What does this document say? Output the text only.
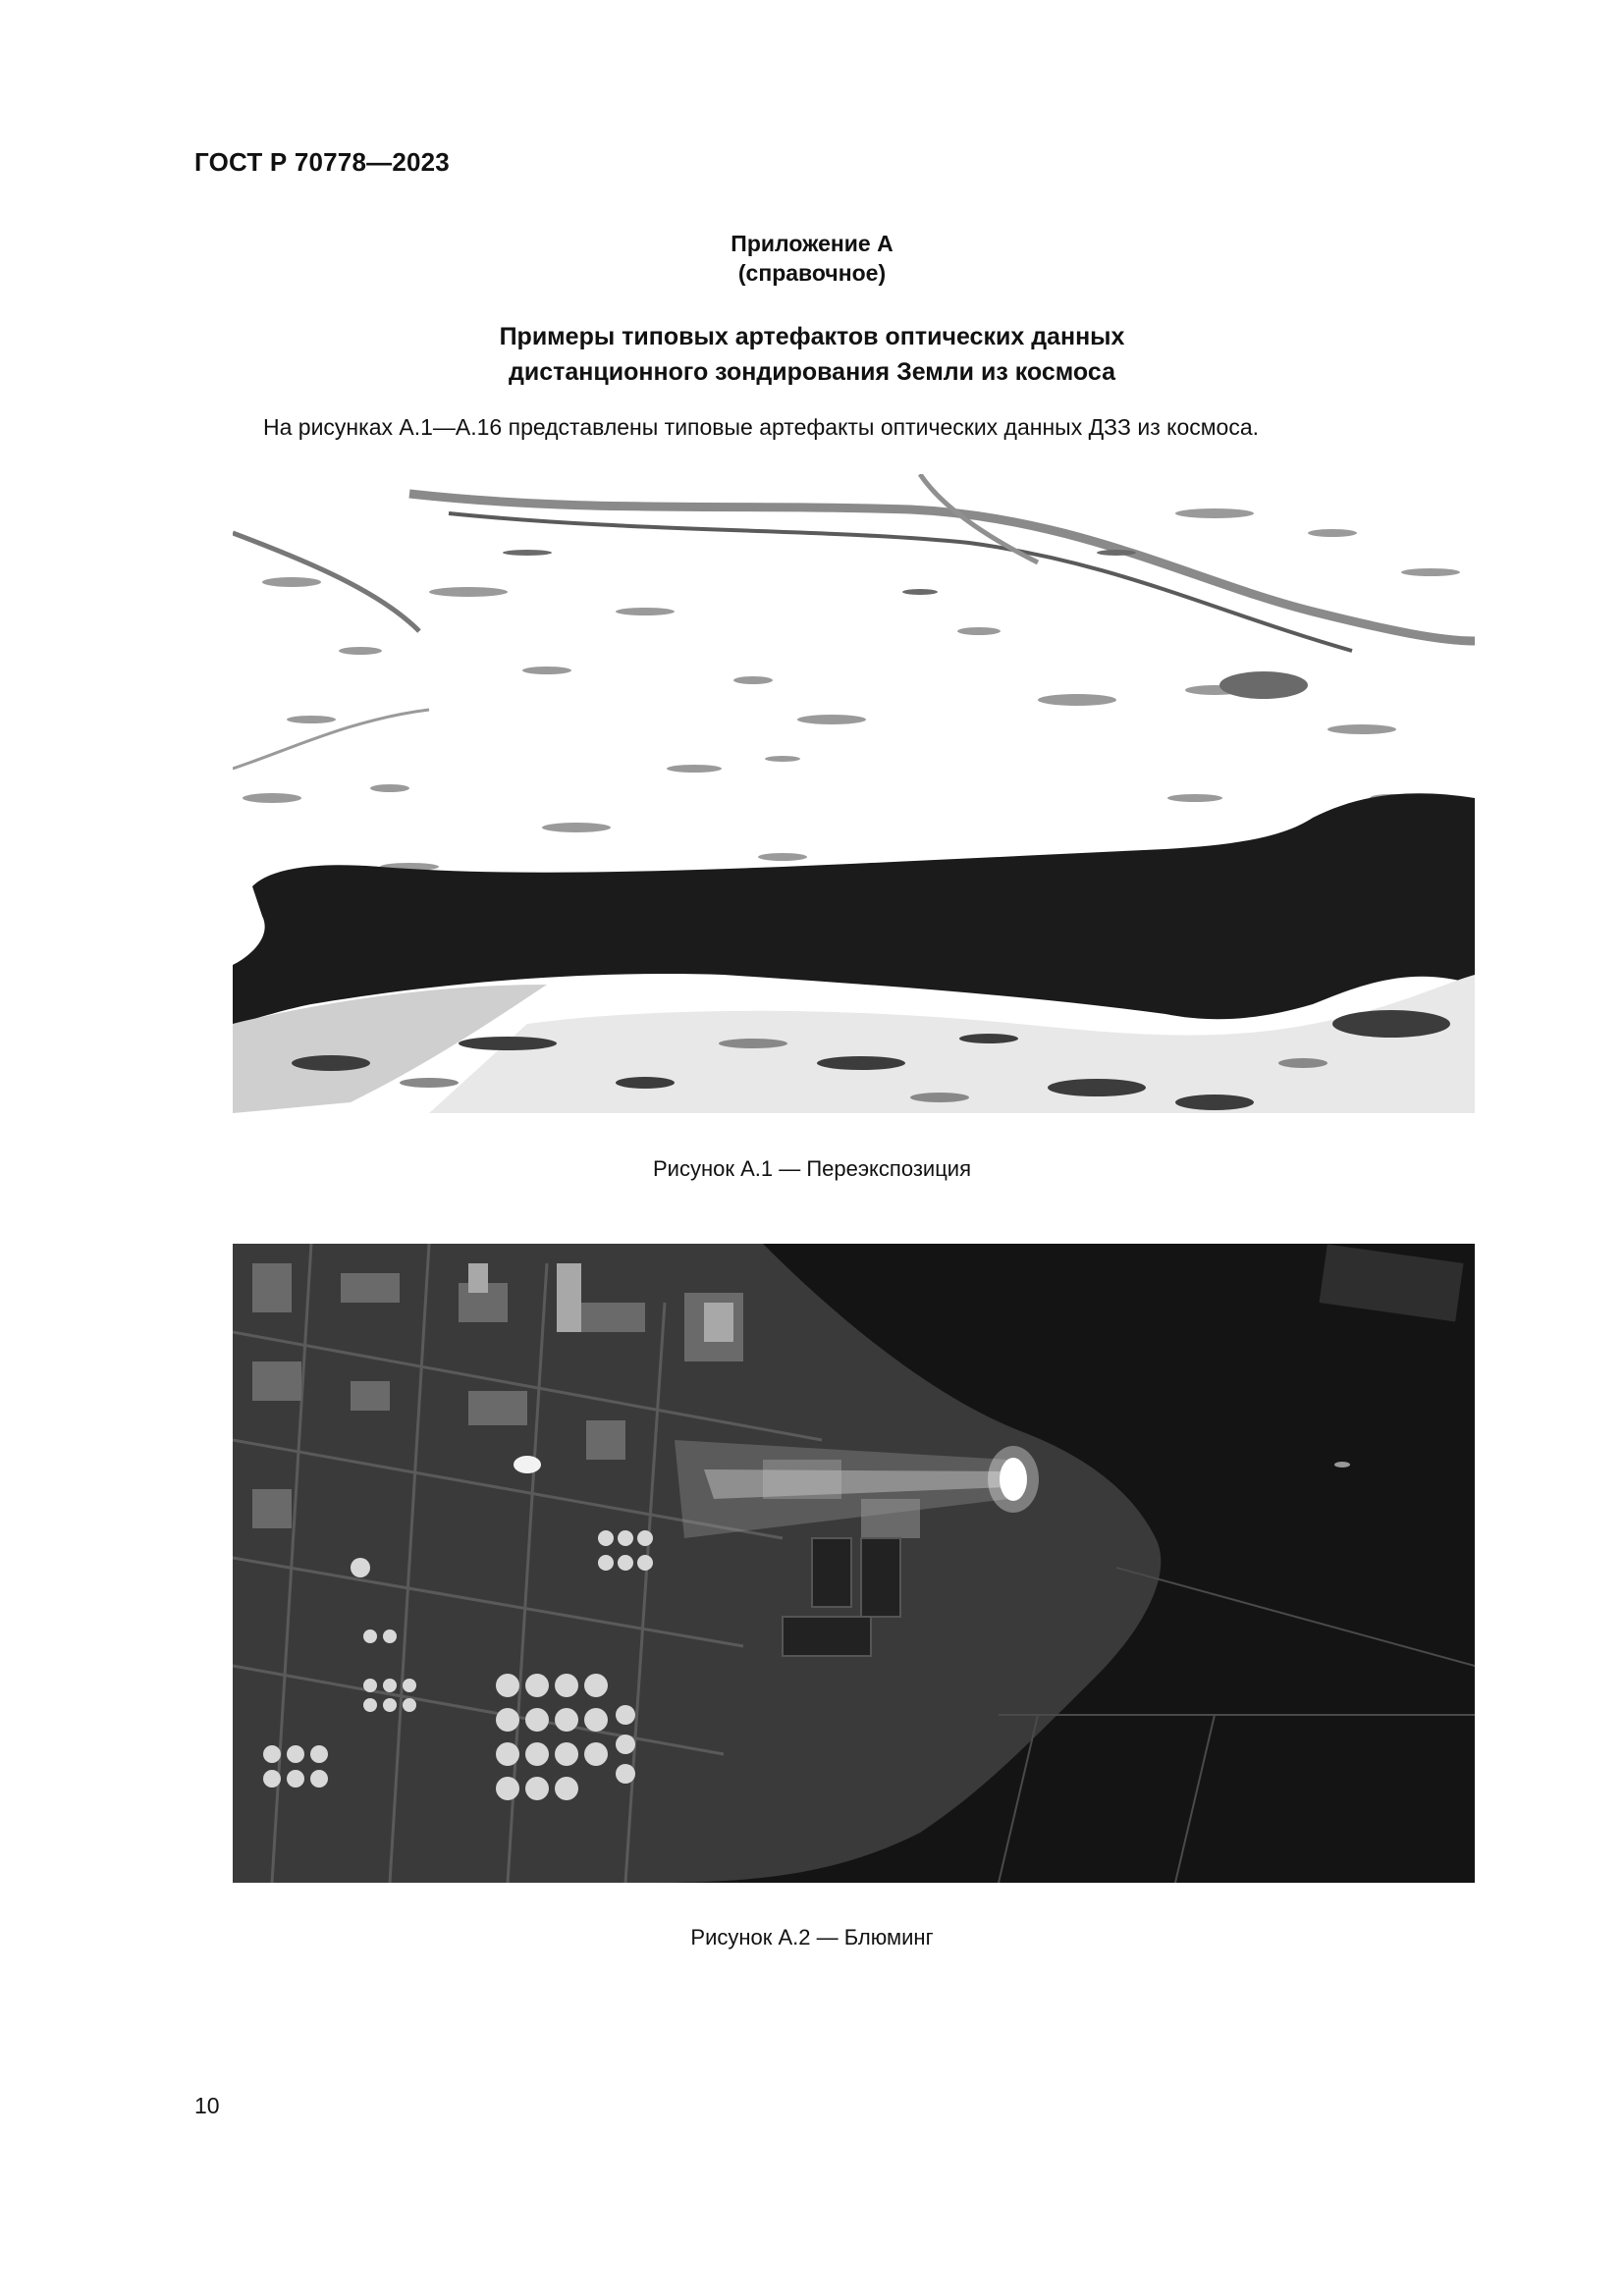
ГОСТ Р 70778—2023
Приложение А
(справочное)
Примеры типовых артефактов оптических данных
дистанционного зондирования Земли из космоса
На рисунках А.1—А.16 представлены типовые артефакты оптических данных ДЗЗ из космоса.
Рисунок А.1 — Переэкспозиция
Рисунок А.2 — Блюминг
10
